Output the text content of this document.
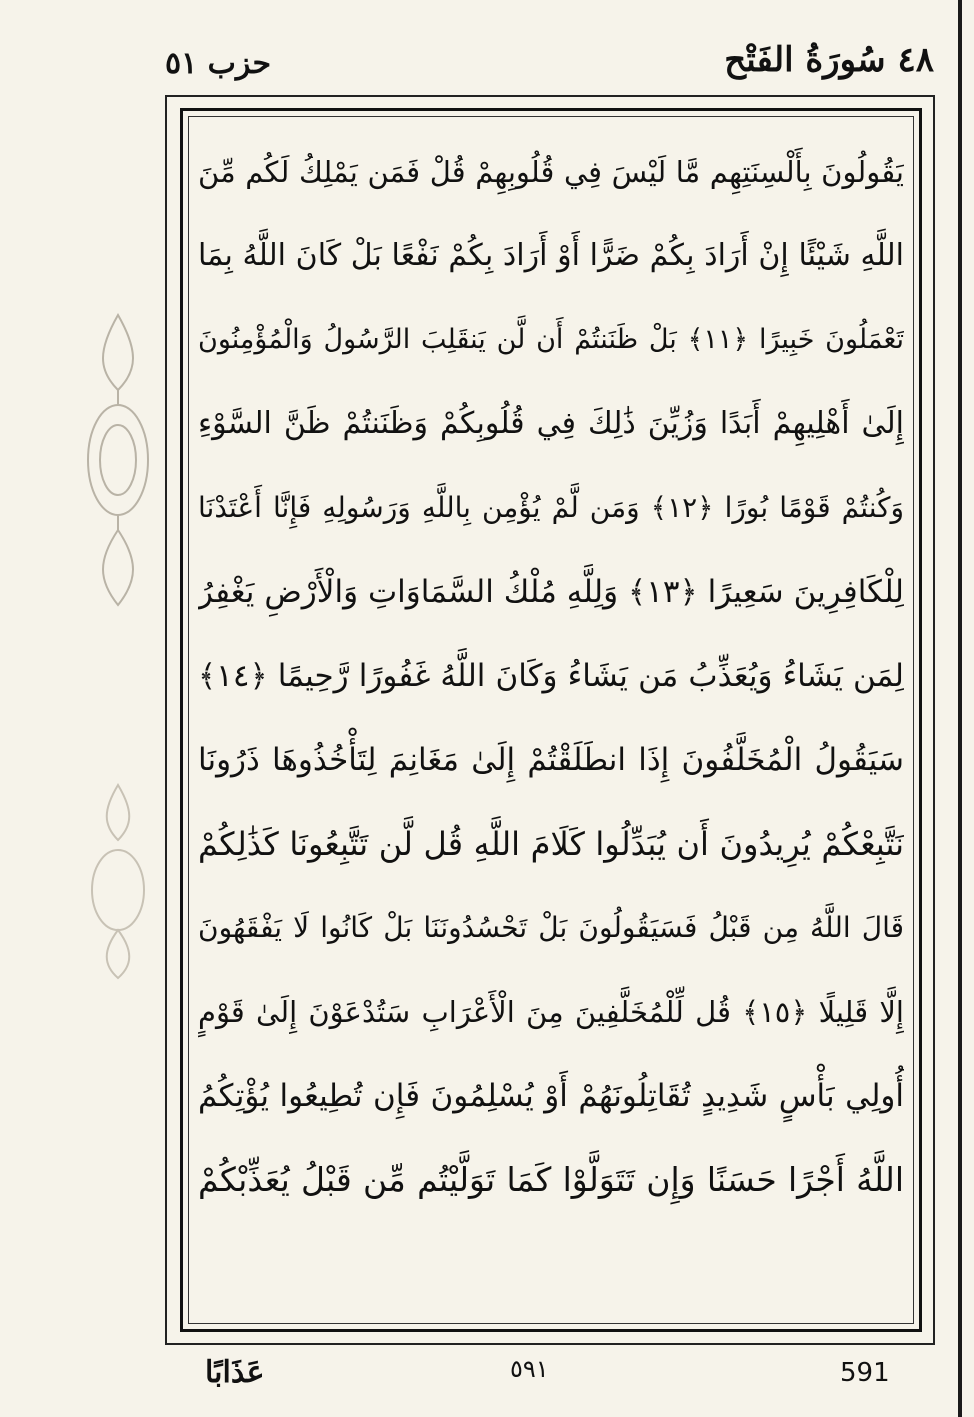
٤٨ سُورَةُ الفَتْح
حزب ٥١
يَقُولُونَ بِأَلْسِنَتِهِم مَّا لَيْسَ فِي قُلُوبِهِمْ قُلْ فَمَن يَمْلِكُ لَكُم مِّنَ
اللَّهِ شَيْئًا إِنْ أَرَادَ بِكُمْ ضَرًّا أَوْ أَرَادَ بِكُمْ نَفْعًا بَلْ كَانَ اللَّهُ بِمَا
تَعْمَلُونَ خَبِيرًا ﴿١١﴾ بَلْ ظَنَنتُمْ أَن لَّن يَنقَلِبَ الرَّسُولُ وَالْمُؤْمِنُونَ
إِلَىٰ أَهْلِيهِمْ أَبَدًا وَزُيِّنَ ذَٰلِكَ فِي قُلُوبِكُمْ وَظَنَنتُمْ ظَنَّ السَّوْءِ
وَكُنتُمْ قَوْمًا بُورًا ﴿١٢﴾ وَمَن لَّمْ يُؤْمِن بِاللَّهِ وَرَسُولِهِ فَإِنَّا أَعْتَدْنَا
لِلْكَافِرِينَ سَعِيرًا ﴿١٣﴾ وَلِلَّهِ مُلْكُ السَّمَاوَاتِ وَالْأَرْضِ يَغْفِرُ
لِمَن يَشَاءُ وَيُعَذِّبُ مَن يَشَاءُ وَكَانَ اللَّهُ غَفُورًا رَّحِيمًا ﴿١٤﴾
سَيَقُولُ الْمُخَلَّفُونَ إِذَا انطَلَقْتُمْ إِلَىٰ مَغَانِمَ لِتَأْخُذُوهَا ذَرُونَا
نَتَّبِعْكُمْ يُرِيدُونَ أَن يُبَدِّلُوا كَلَامَ اللَّهِ قُل لَّن تَتَّبِعُونَا كَذَٰلِكُمْ
قَالَ اللَّهُ مِن قَبْلُ فَسَيَقُولُونَ بَلْ تَحْسُدُونَنَا بَلْ كَانُوا لَا يَفْقَهُونَ
إِلَّا قَلِيلًا ﴿١٥﴾ قُل لِّلْمُخَلَّفِينَ مِنَ الْأَعْرَابِ سَتُدْعَوْنَ إِلَىٰ قَوْمٍ
أُولِي بَأْسٍ شَدِيدٍ تُقَاتِلُونَهُمْ أَوْ يُسْلِمُونَ فَإِن تُطِيعُوا يُؤْتِكُمُ
اللَّهُ أَجْرًا حَسَنًا وَإِن تَتَوَلَّوْا كَمَا تَوَلَّيْتُم مِّن قَبْلُ يُعَذِّبْكُمْ
عَذَابًا	٥٩١	591
